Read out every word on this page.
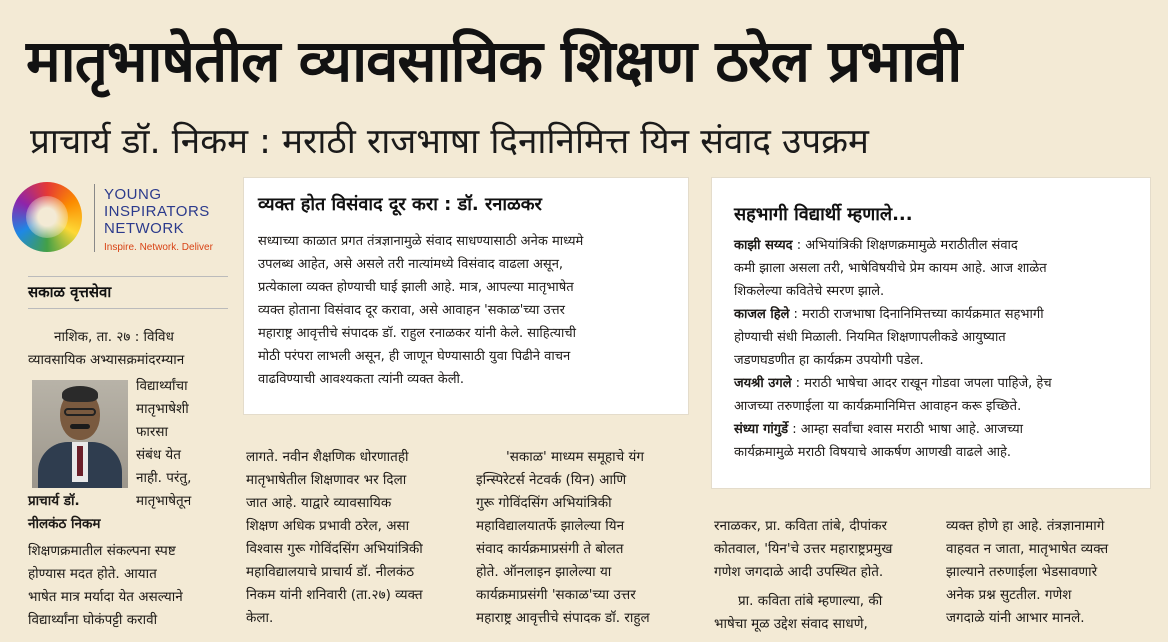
मातृभाषेतील व्यावसायिक शिक्षण ठरेल प्रभावी
प्राचार्य डॉ. निकम : मराठी राजभाषा दिनानिमित्त यिन संवाद उपक्रम
YOUNG
INSPIRATORS
NETWORK
Inspire. Network. Deliver
सकाळ वृत्तसेवा
नाशिक, ता. २७ : विविध
व्यावसायिक अभ्यासक्रमांदरम्यान
विद्यार्थ्यांचा
मातृभाषेशी
फारसा
संबंध येत
नाही. परंतु,
मातृभाषेतून
प्राचार्य डॉ.
नीलकंठ निकम
शिक्षणक्रमातील संकल्पना स्पष्ट
होण्यास मदत होते. आयात
भाषेत मात्र मर्यादा येत असल्याने
विद्यार्थ्यांना घोकंपट्टी करावी
व्यक्त होत विसंवाद दूर करा : डॉ. रनाळकर
सध्याच्या काळात प्रगत तंत्रज्ञानामुळे संवाद साधण्यासाठी अनेक माध्यमे
उपलब्ध आहेत, असे असले तरी नात्यांमध्ये विसंवाद वाढला असून,
प्रत्येकाला व्यक्त होण्याची घाई झाली आहे. मात्र, आपल्या मातृभाषेत
व्यक्त होताना विसंवाद दूर करावा, असे आवाहन 'सकाळ'च्या उत्तर
महाराष्ट्र आवृत्तीचे संपादक डॉ. राहुल रनाळकर यांनी केले. साहित्याची
मोठी परंपरा लाभली असून, ही जाणून घेण्यासाठी युवा पिढीने वाचन
वाढविण्याची आवश्यकता त्यांनी व्यक्त केली.
लागते. नवीन शैक्षणिक धोरणातही
मातृभाषेतील शिक्षणावर भर दिला
जात आहे. याद्वारे व्यावसायिक
शिक्षण अधिक प्रभावी ठरेल, असा
विश्वास गुरू गोविंदसिंग अभियांत्रिकी
महाविद्यालयाचे प्राचार्य डॉ. नीलकंठ
निकम यांनी शनिवारी (ता.२७) व्यक्त
केला.
'सकाळ' माध्यम समूहाचे यंग
इन्स्पिरेटर्स नेटवर्क (यिन) आणि
गुरू गोविंदसिंग अभियांत्रिकी
महाविद्यालयातर्फे झालेल्या यिन
संवाद कार्यक्रमाप्रसंगी ते बोलत
होते. ऑनलाइन झालेल्या या
कार्यक्रमाप्रसंगी 'सकाळ'च्या उत्तर
महाराष्ट्र आवृत्तीचे संपादक डॉ. राहुल
सहभागी विद्यार्थी म्हणाले...
काझी सय्यद : अभियांत्रिकी शिक्षणक्रमामुळे मराठीतील संवाद
कमी झाला असला तरी, भाषेविषयीचे प्रेम कायम आहे. आज शाळेत
शिकलेल्या कवितेचे स्मरण झाले.
काजल हिले : मराठी राजभाषा दिनानिमित्तच्या कार्यक्रमात सहभागी
होण्याची संधी मिळाली. नियमित शिक्षणापलीकडे आयुष्यात
जडणघडणीत हा कार्यक्रम उपयोगी पडेल.
जयश्री उगले : मराठी भाषेचा आदर राखून गोडवा जपला पाहिजे, हेच
आजच्या तरुणाईला या कार्यक्रमानिमित्त आवाहन करू इच्छिते.
संध्या गांगुर्डे : आम्हा सर्वांचा श्वास मराठी भाषा आहे. आजच्या
कार्यक्रमामुळे मराठी विषयाचे आकर्षण आणखी वाढले आहे.
रनाळकर, प्रा. कविता तांबे, दीपांकर
कोतवाल, 'यिन'चे उत्तर महाराष्ट्रप्रमुख
गणेश जगदाळे आदी उपस्थित होते.
प्रा. कविता तांबे म्हणाल्या, की
भाषेचा मूळ उद्देश संवाद साधणे,
व्यक्त होणे हा आहे. तंत्रज्ञानामागे
वाहवत न जाता, मातृभाषेत व्यक्त
झाल्याने तरुणाईला भेडसावणारे
अनेक प्रश्न सुटतील. गणेश
जगदाळे यांनी आभार मानले.
